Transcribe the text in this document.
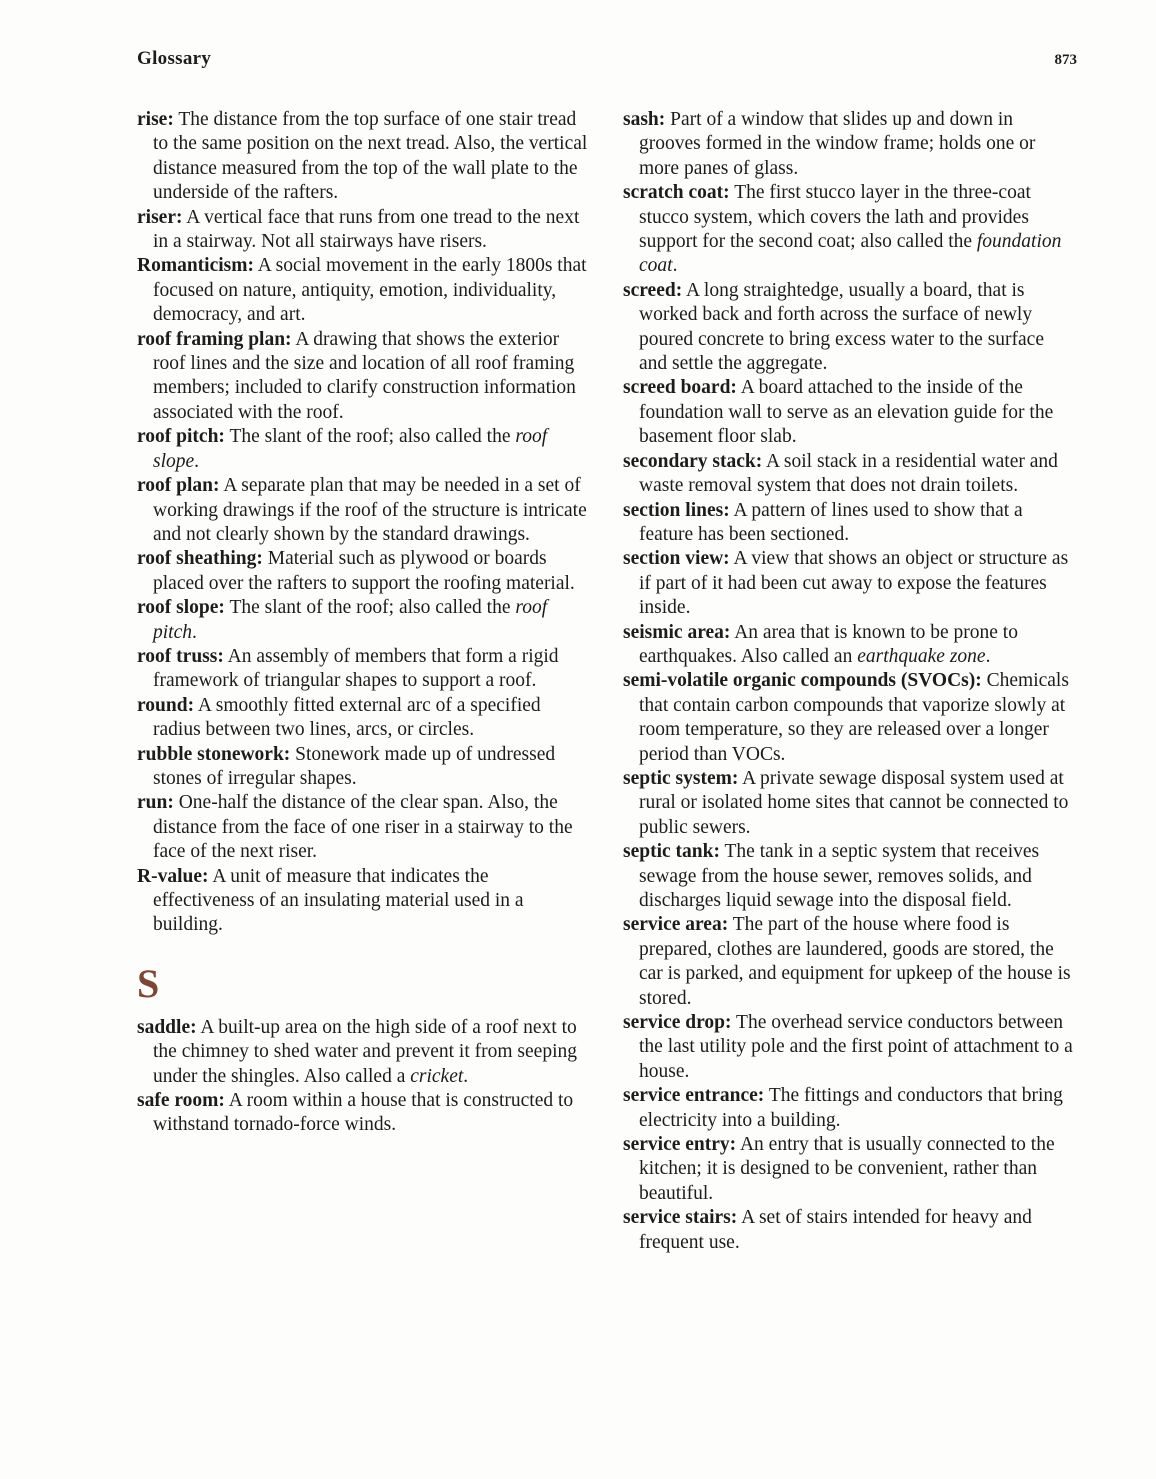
Glossary	873

rise: The distance from the top surface of one stair tread to the same position on the next tread. Also, the vertical distance measured from the top of the wall plate to the underside of the rafters.

riser: A vertical face that runs from one tread to the next in a stairway. Not all stairways have risers.

Romanticism: A social movement in the early 1800s that focused on nature, antiquity, emotion, individuality, democracy, and art.

roof framing plan: A drawing that shows the exterior roof lines and the size and location of all roof framing members; included to clarify construction information associated with the roof.

roof pitch: The slant of the roof; also called the roof slope.

roof plan: A separate plan that may be needed in a set of working drawings if the roof of the structure is intricate and not clearly shown by the standard drawings.

roof sheathing: Material such as plywood or boards placed over the rafters to support the roofing material.

roof slope: The slant of the roof; also called the roof pitch.

roof truss: An assembly of members that form a rigid framework of triangular shapes to support a roof.

round: A smoothly fitted external arc of a specified radius between two lines, arcs, or circles.

rubble stonework: Stonework made up of undressed stones of irregular shapes.

run: One-half the distance of the clear span. Also, the distance from the face of one riser in a stairway to the face of the next riser.

R-value: A unit of measure that indicates the effectiveness of an insulating material used in a building.

S

saddle: A built-up area on the high side of a roof next to the chimney to shed water and prevent it from seeping under the shingles. Also called a cricket.

safe room: A room within a house that is constructed to withstand tornado-force winds.

sash: Part of a window that slides up and down in grooves formed in the window frame; holds one or more panes of glass.

scratch coat: The first stucco layer in the three-coat stucco system, which covers the lath and provides support for the second coat; also called the foundation coat.

screed: A long straightedge, usually a board, that is worked back and forth across the surface of newly poured concrete to bring excess water to the surface and settle the aggregate.

screed board: A board attached to the inside of the foundation wall to serve as an elevation guide for the basement floor slab.

secondary stack: A soil stack in a residential water and waste removal system that does not drain toilets.

section lines: A pattern of lines used to show that a feature has been sectioned.

section view: A view that shows an object or structure as if part of it had been cut away to expose the features inside.

seismic area: An area that is known to be prone to earthquakes. Also called an earthquake zone.

semi-volatile organic compounds (SVOCs): Chemicals that contain carbon compounds that vaporize slowly at room temperature, so they are released over a longer period than VOCs.

septic system: A private sewage disposal system used at rural or isolated home sites that cannot be connected to public sewers.

septic tank: The tank in a septic system that receives sewage from the house sewer, removes solids, and discharges liquid sewage into the disposal field.

service area: The part of the house where food is prepared, clothes are laundered, goods are stored, the car is parked, and equipment for upkeep of the house is stored.

service drop: The overhead service conductors between the last utility pole and the first point of attachment to a house.

service entrance: The fittings and conductors that bring electricity into a building.

service entry: An entry that is usually connected to the kitchen; it is designed to be convenient, rather than beautiful.

service stairs: A set of stairs intended for heavy and frequent use.
